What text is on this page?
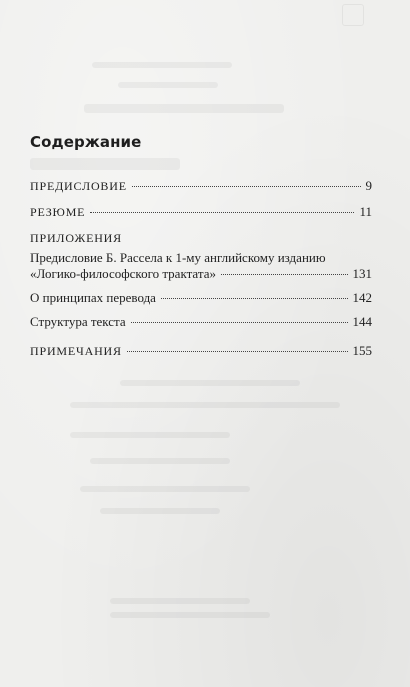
Содержание
ПРЕДИСЛОВИЕ	9
РЕЗЮМЕ	11
ПРИЛОЖЕНИЯ
Предисловие Б. Рассела к 1-му английскому изданию
«Логико-философского трактата»	131
О принципах перевода	142
Структура текста	144
ПРИМЕЧАНИЯ	155
